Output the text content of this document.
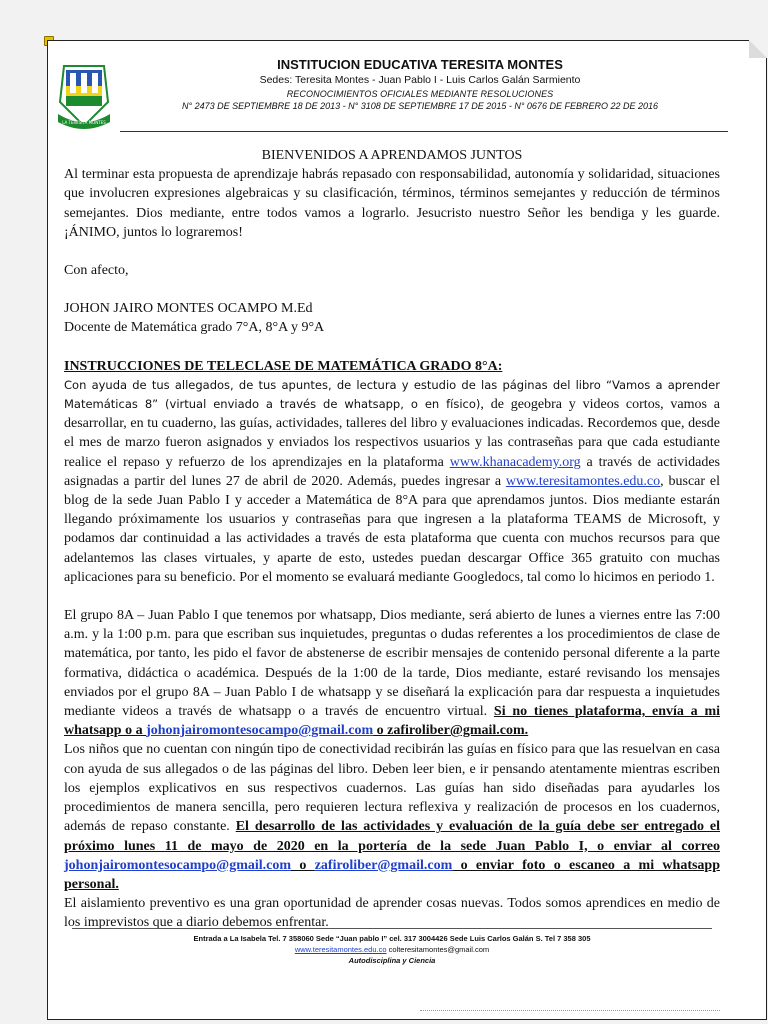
LA TERESITA MONTES
INSTITUCION EDUCATIVA TERESITA MONTES
Sedes: Teresita Montes - Juan Pablo I - Luis Carlos Galán Sarmiento
RECONOCIMIENTOS OFICIALES MEDIANTE RESOLUCIONES
N° 2473 DE SEPTIEMBRE 18 DE 2013 - N° 3108 DE SEPTIEMBRE 17 DE 2015 - N° 0676 DE FEBRERO 22 DE 2016

BIENVENIDOS A APRENDAMOS JUNTOS

Al terminar esta propuesta de aprendizaje habrás repasado con responsabilidad, autonomía y solidaridad, situaciones que involucren expresiones algebraicas y su clasificación, términos, términos semejantes y reducción de términos semejantes. Dios mediante, entre todos vamos a lograrlo. Jesucristo nuestro Señor les bendiga y les guarde. ¡ÁNIMO, juntos lo lograremos!

Con afecto,

JOHON JAIRO MONTES OCAMPO M.Ed

Docente de Matemática grado 7°A, 8°A y 9°A

INSTRUCCIONES DE TELECLASE DE MATEMÁTICA GRADO 8°A:

Con ayuda de tus allegados, de tus apuntes, de lectura y estudio de las páginas del libro “Vamos a aprender Matemáticas 8” (virtual enviado a través de whatsapp, o en físico), de geogebra y videos cortos, vamos a desarrollar, en tu cuaderno, las guías, actividades, talleres del libro y evaluaciones indicadas. Recordemos que, desde el mes de marzo fueron asignados y enviados los respectivos usuarios y las contraseñas para que cada estudiante realice el repaso y refuerzo de los aprendizajes en la plataforma www.khanacademy.org a través de actividades asignadas a partir del lunes 27 de abril de 2020. Además, puedes ingresar a www.teresitamontes.edu.co, buscar el blog de la sede Juan Pablo I y acceder a Matemática de 8°A para que aprendamos juntos. Dios mediante estarán llegando próximamente los usuarios y contraseñas para que ingresen a la plataforma TEAMS de Microsoft, y podamos dar continuidad a las actividades a través de esta plataforma que cuenta con muchos recursos para que adelantemos las clases virtuales, y aparte de esto, ustedes puedan descargar Office 365 gratuito con muchas aplicaciones para su beneficio. Por el momento se evaluará mediante Googledocs, tal como lo hicimos en periodo 1.

El grupo 8A – Juan Pablo I que tenemos por whatsapp, Dios mediante, será abierto de lunes a viernes entre las 7:00 a.m. y la 1:00 p.m. para que escriban sus inquietudes, preguntas o dudas referentes a los procedimientos de clase de matemática, por tanto, les pido el favor de abstenerse de escribir mensajes de contenido personal diferente a la parte formativa, didáctica o académica. Después de la 1:00 de la tarde, Dios mediante, estaré revisando los mensajes enviados por el grupo 8A – Juan Pablo I de whatsapp y se diseñará la explicación para dar respuesta a inquietudes mediante videos a través de whatsapp o a través de encuentro virtual. Si no tienes plataforma, envía a mi whatsapp o a johonjairomontesocampo@gmail.com o zafiroliber@gmail.com.

Los niños que no cuentan con ningún tipo de conectividad recibirán las guías en físico para que las resuelvan en casa con ayuda de sus allegados o de las páginas del libro. Deben leer bien, e ir pensando atentamente mientras escriben los ejemplos explicativos en sus respectivos cuadernos. Las guías han sido diseñadas para ayudarles los procedimientos de manera sencilla, pero requieren lectura reflexiva y realización de procesos en los cuadernos, además de repaso constante. El desarrollo de las actividades y evaluación de la guía debe ser entregado el próximo lunes 11 de mayo de 2020 en la portería de la sede Juan Pablo I, o enviar al correo johonjairomontesocampo@gmail.com o zafiroliber@gmail.com o enviar foto o escaneo a mi whatsapp personal.

El aislamiento preventivo es una gran oportunidad de aprender cosas nuevas. Todos somos aprendices en medio de los imprevistos que a diario debemos enfrentar.

Entrada a La Isabela Tel. 7 358060 Sede “Juan pablo I” cel. 317 3004426 Sede Luis Carlos Galán S. Tel 7 358 305
www.teresitamontes.edu.co colteresitamontes@gmail.com
Autodisciplina y Ciencia
